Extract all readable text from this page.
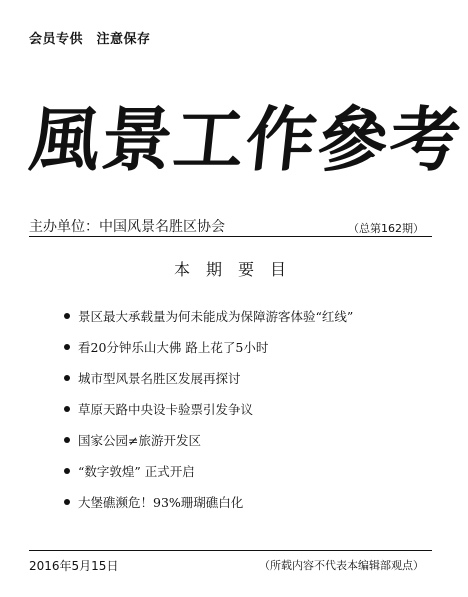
会员专供　注意保存
風景工作參考
主办单位：中国风景名胜区协会	（总第162期）
本期要目
景区最大承载量为何未能成为保障游客体验“红线”
看20分钟乐山大佛 路上花了5小时
城市型风景名胜区发展再探讨
草原天路中央设卡验票引发争议
国家公园≠旅游开发区
“数字敦煌” 正式开启
大堡礁濒危！93%珊瑚礁白化
2016年5月15日	（所载内容不代表本编辑部观点）
